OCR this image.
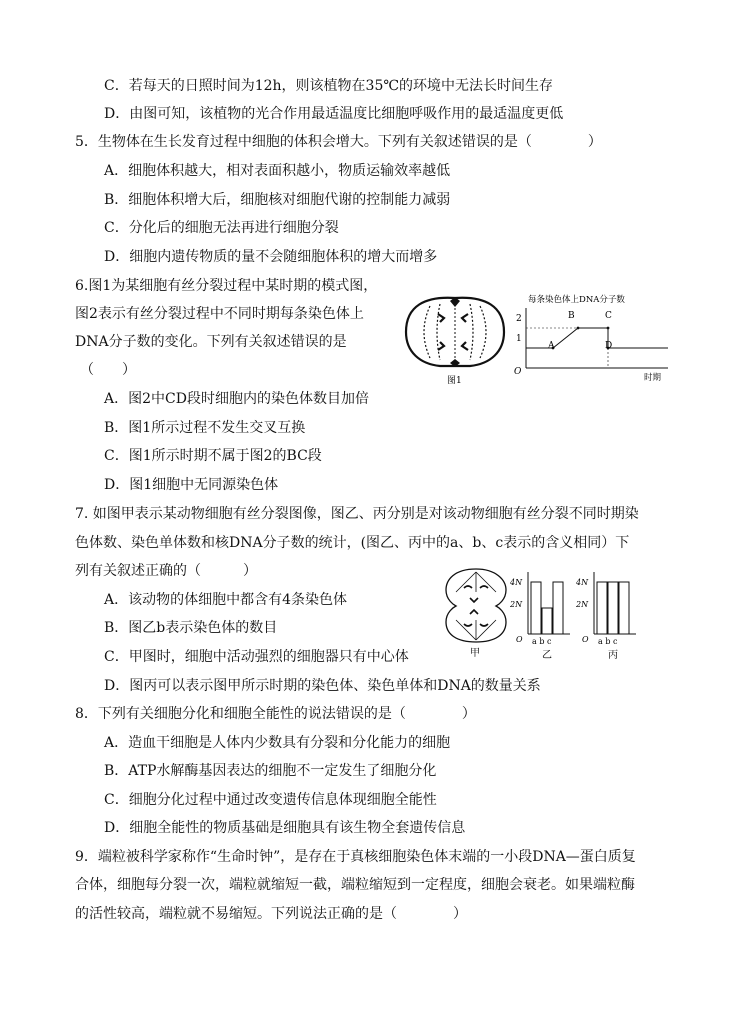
C．若每天的日照时间为12h，则该植物在35℃的环境中无法长时间生存
D．由图可知，该植物的光合作用最适温度比细胞呼吸作用的最适温度更低
5．生物体在生长发育过程中细胞的体积会增大。下列有关叙述错误的是（　　　　）
A．细胞体积越大，相对表面积越小，物质运输效率越低
B．细胞体积增大后，细胞核对细胞代谢的控制能力减弱
C．分化后的细胞无法再进行细胞分裂
D．细胞内遗传物质的量不会随细胞体积的增大而增多
6.图1为某细胞有丝分裂过程中某时期的模式图，
图2表示有丝分裂过程中不同时期每条染色体上
DNA分子数的变化。下列有关叙述错误的是
（　　）
A．图2中CD段时细胞内的染色体数目加倍
B．图1所示过程不发生交叉互换
C．图1所示时期不属于图2的BC段
D．图1细胞中无同源染色体
图1
每条染色体上DNA分子数
2
1
O
时期
A
B	C
D
7. 如图甲表示某动物细胞有丝分裂图像，图乙、丙分别是对该动物细胞有丝分裂不同时期染
色体数、染色单体数和核DNA分子数的统计，(图乙、丙中的a、b、c表示的含义相同）下
列有关叙述正确的（　　　）
A．该动物的体细胞中都含有4条染色体
B．图乙b表示染色体的数目
C．甲图时，细胞中活动强烈的细胞器只有中心体
D．图丙可以表示图甲所示时期的染色体、染色单体和DNA的数量关系
甲
4N
2N
O a b c
乙
4N
2N
O a b c
丙
8．下列有关细胞分化和细胞全能性的说法错误的是（　　　　）
A．造血干细胞是人体内少数具有分裂和分化能力的细胞
B．ATP水解酶基因表达的细胞不一定发生了细胞分化
C．细胞分化过程中通过改变遗传信息体现细胞全能性
D．细胞全能性的物质基础是细胞具有该生物全套遗传信息
9．端粒被科学家称作“生命时钟”，是存在于真核细胞染色体末端的一小段DNA—蛋白质复
合体，细胞每分裂一次，端粒就缩短一截，端粒缩短到一定程度，细胞会衰老。如果端粒酶
的活性较高，端粒就不易缩短。下列说法正确的是（　　　　）
